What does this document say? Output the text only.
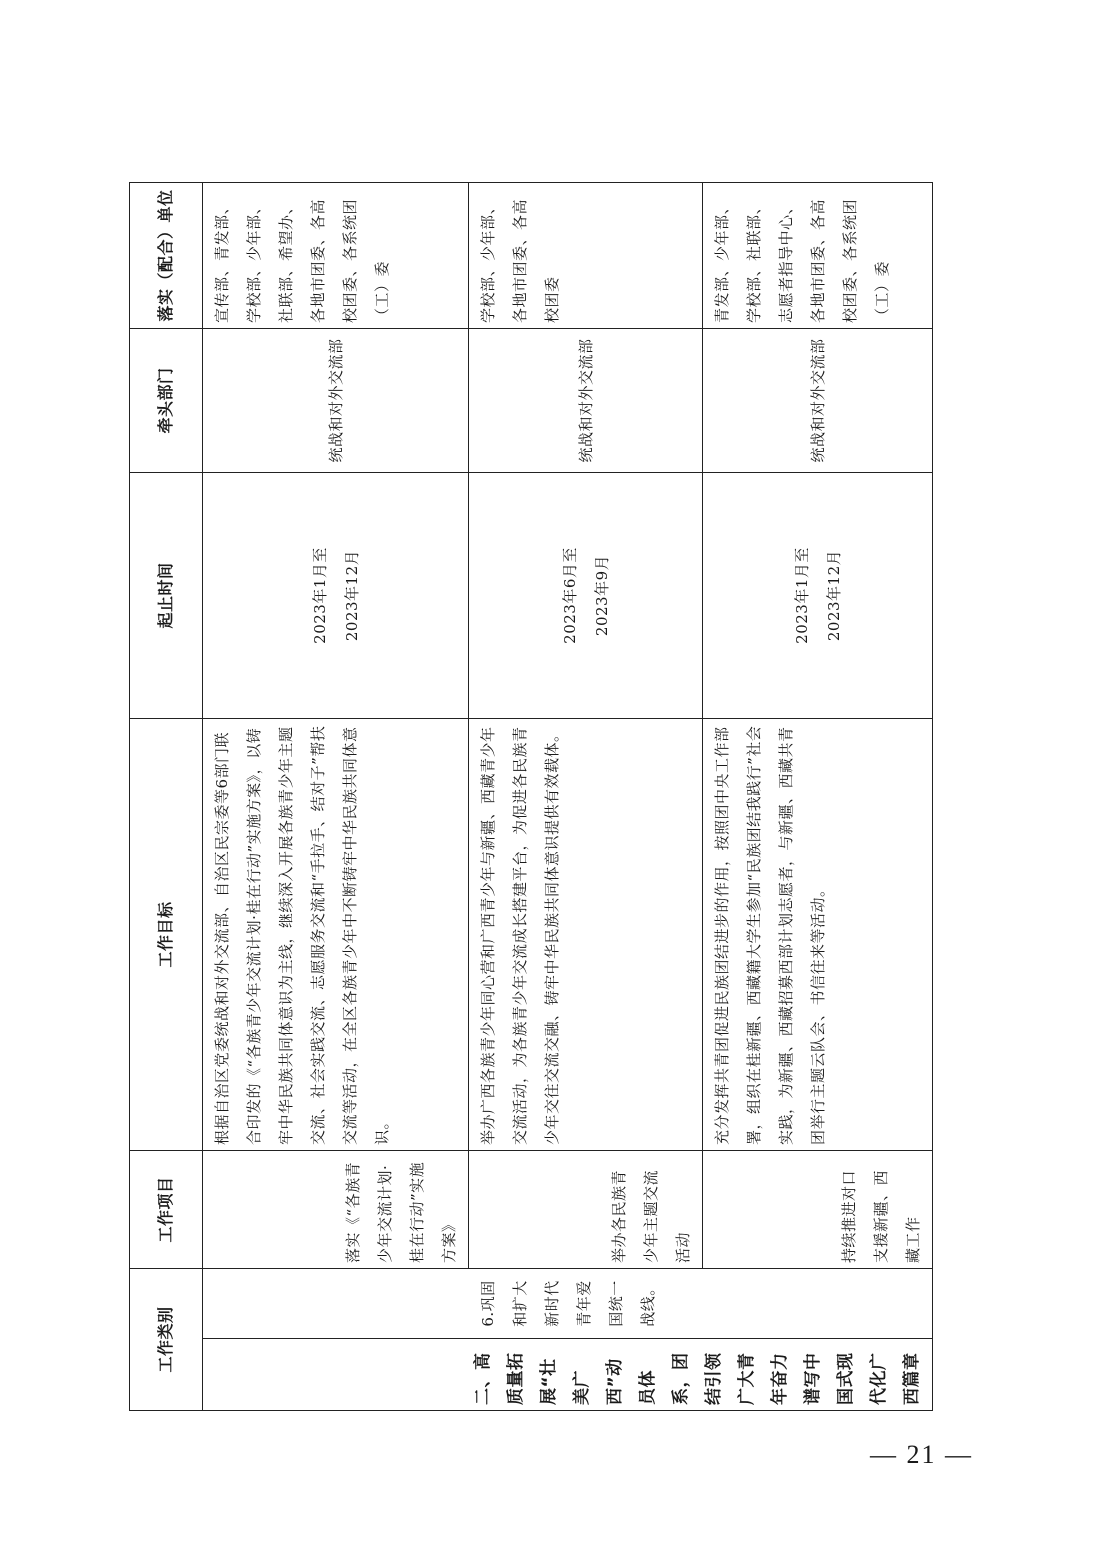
工作类别		工作项目	工作目标	起止时间	牵头部门	落实（配合）单位
二、高质量拓展“壮美广西”动员体系，团结引领广大青年奋力谱写中国式现代化广西篇章	6.巩固和扩大新时代青年爱国统一战线。	落实《“各族青少年交流计划·桂在行动”实施方案》	根据自治区党委统战和对外交流部、自治区民宗委等6部门联合印发的《“各族青少年交流计划·桂在行动”实施方案》，以铸牢中华民族共同体意识为主线，继续深入开展各族青少年主题交流、社会实践交流、志愿服务交流和“手拉手、结对子”帮扶交流等活动，在全区各族青少年中不断铸牢中华民族共同体意识。	2023年1月至 2023年12月	统战和对外交流部	宣传部、青发部、学校部、少年部、社联部、希望办、各地市团委、各高校团委、各系统团（工）委
		举办各民族青少年主题交流活动	举办广西各族青少年同心营和广西青少年与新疆、西藏青少年交流活动，为各族青少年交流成长搭建平台，为促进各民族青少年交往交流交融、铸牢中华民族共同体意识提供有效载体。	2023年6月至 2023年9月	统战和对外交流部	学校部、少年部、各地市团委、各高校团委
		持续推进对口支援新疆、西藏工作	充分发挥共青团促进民族团结进步的作用，按照团中央工作部署，组织在桂新疆、西藏籍大学生参加“民族团结我践行”社会实践，为新疆、西藏招募西部计划志愿者，与新疆、西藏共青团举行主题云队会、书信往来等活动。	2023年1月至 2023年12月	统战和对外交流部	青发部、少年部、学校部、社联部、志愿者指导中心、各地市团委、各高校团委、各系统团（工）委
— 21 —
